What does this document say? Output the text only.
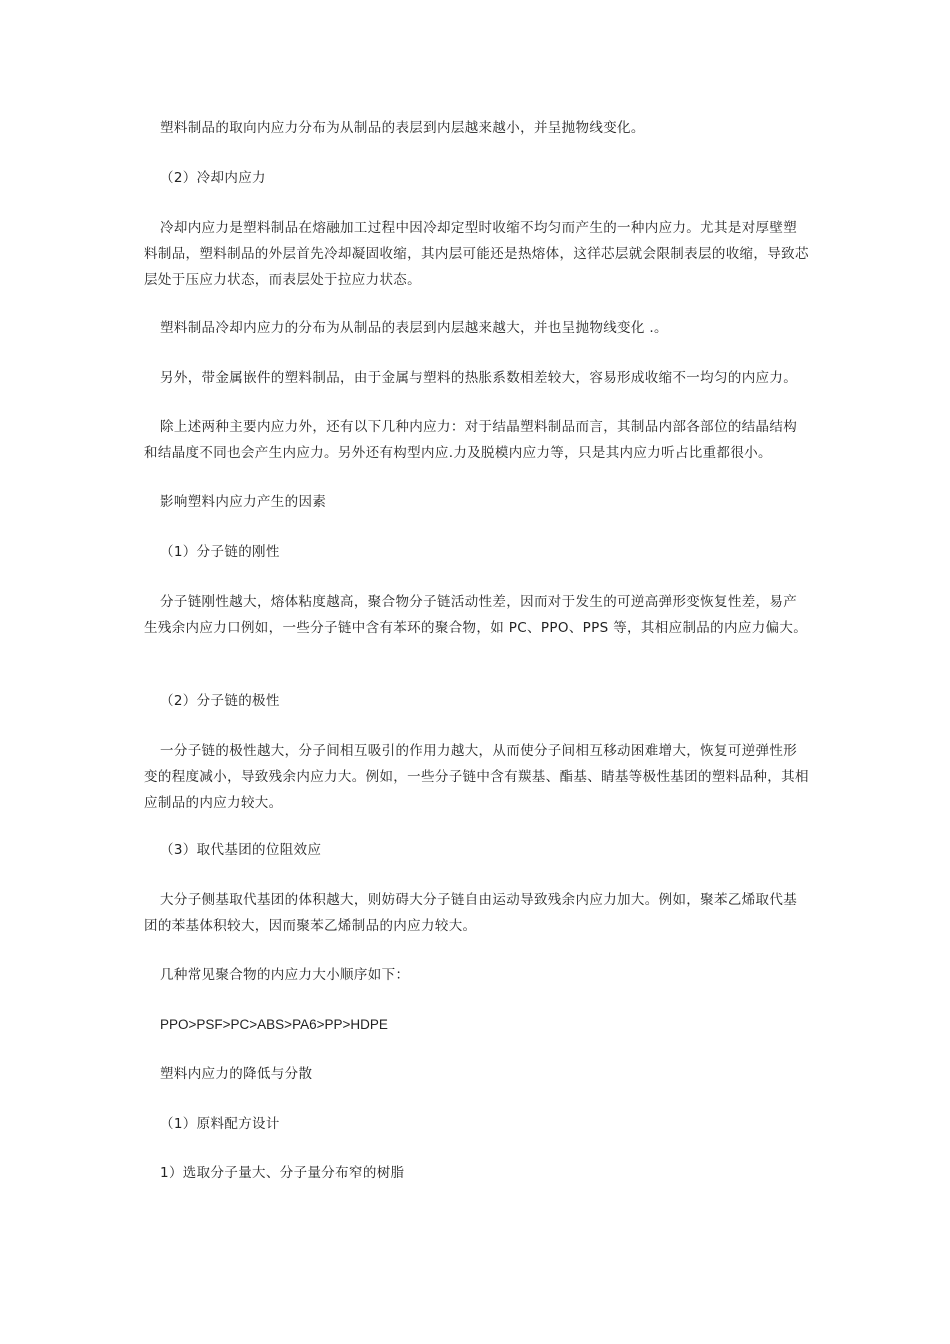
塑料制品的取向内应力分布为从制品的表层到内层越来越小，并呈抛物线变化。

（2）冷却内应力

冷却内应力是塑料制品在熔融加工过程中因冷却定型时收缩不均匀而产生的一种内应力。尤其是对厚壁塑料制品，塑料制品的外层首先冷却凝固收缩，其内层可能还是热熔体，这徉芯层就会限制表层的收缩，导致芯层处于压应力状态，而表层处于拉应力状态。

塑料制品冷却内应力的分布为从制品的表层到内层越来越大，并也呈抛物线变化 .。

另外，带金属嵌件的塑料制品，由于金属与塑料的热胀系数相差较大，容易形成收缩不一均匀的内应力。

除上述两种主要内应力外，还有以下几种内应力：对于结晶塑料制品而言，其制品内部各部位的结晶结构和结晶度不同也会产生内应力。另外还有构型内应.力及脱模内应力等，只是其内应力听占比重都很小。

影响塑料内应力产生的因素

（1）分子链的刚性

分子链刚性越大，熔体粘度越高，聚合物分子链活动性差，因而对于发生的可逆高弹形变恢复性差，易产生残余内应力口例如，一些分子链中含有苯环的聚合物，如 PC、PPO、PPS 等，其相应制品的内应力偏大。

（2）分子链的极性

一分子链的极性越大，分子间相互吸引的作用力越大，从而使分子间相互移动困难增大，恢复可逆弹性形变的程度减小，导致残余内应力大。例如，一些分子链中含有羰基、酯基、睛基等极性基团的塑料品种，其相应制品的内应力较大。

（3）取代基团的位阻效应

大分子侧基取代基团的体积越大，则妨碍大分子链自由运动导致残余内应力加大。例如，聚苯乙烯取代基团的苯基体积较大，因而聚苯乙烯制品的内应力较大。

几种常见聚合物的内应力大小顺序如下：

PPO>PSF>PC>ABS>PA6>PP>HDPE

塑料内应力的降低与分散

（1）原料配方设计

1）选取分子量大、分子量分布窄的树脂
